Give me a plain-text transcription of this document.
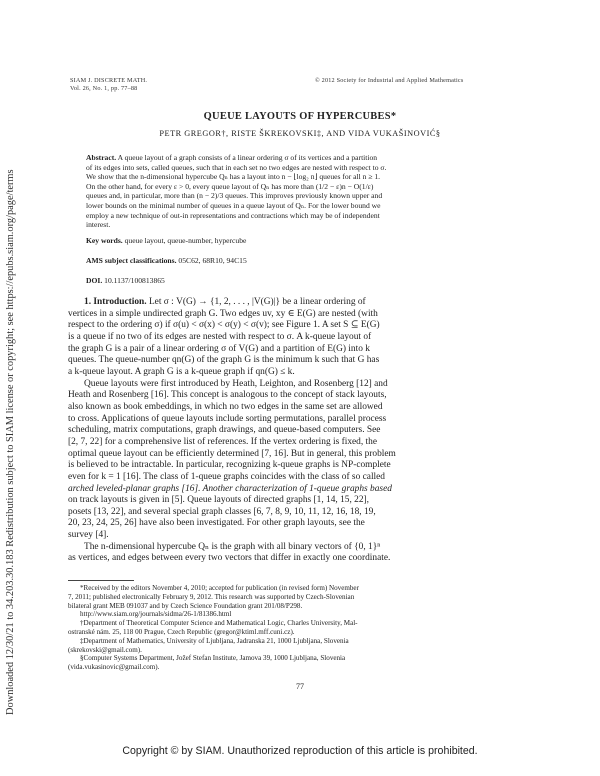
Downloaded 12/30/21 to 34.203.30.183 Redistribution subject to SIAM license or copyright; see https://epubs.siam.org/page/terms
SIAM J. DISCRETE MATH.
Vol. 26, No. 1, pp. 77–88
© 2012 Society for Industrial and Applied Mathematics
QUEUE LAYOUTS OF HYPERCUBES*
PETR GREGOR†, RISTE ŠKREKOVSKI‡, AND VIDA VUKAŠINOVIĆ§
Abstract. A queue layout of a graph consists of a linear ordering σ of its vertices and a partition
of its edges into sets, called queues, such that in each set no two edges are nested with respect to σ.
We show that the n-dimensional hypercube Qₙ has a layout into n − ⌊log₂ n⌋ queues for all n ≥ 1.
On the other hand, for every ε > 0, every queue layout of Qₙ has more than (1/2 − ε)n − O(1/ε)
queues and, in particular, more than (n − 2)/3 queues. This improves previously known upper and
lower bounds on the minimal number of queues in a queue layout of Qₙ. For the lower bound we
employ a new technique of out-in representations and contractions which may be of independent
interest.
Key words. queue layout, queue-number, hypercube
AMS subject classifications. 05C62, 68R10, 94C15
DOI. 10.1137/100813865
1. Introduction. Let σ : V(G) → {1, 2, . . . , |V(G)|} be a linear ordering of
vertices in a simple undirected graph G. Two edges uv, xy ∈ E(G) are nested (with
respect to the ordering σ) if σ(u) < σ(x) < σ(y) < σ(v); see Figure 1. A set S ⊆ E(G)
is a queue if no two of its edges are nested with respect to σ. A k-queue layout of
the graph G is a pair of a linear ordering σ of V(G) and a partition of E(G) into k
queues. The queue-number qn(G) of the graph G is the minimum k such that G has
a k-queue layout. A graph G is a k-queue graph if qn(G) ≤ k.
Queue layouts were first introduced by Heath, Leighton, and Rosenberg [12] and
Heath and Rosenberg [16]. This concept is analogous to the concept of stack layouts,
also known as book embeddings, in which no two edges in the same set are allowed
to cross. Applications of queue layouts include sorting permutations, parallel process
scheduling, matrix computations, graph drawings, and queue-based computers. See
[2, 7, 22] for a comprehensive list of references. If the vertex ordering is fixed, the
optimal queue layout can be efficiently determined [7, 16]. But in general, this problem
is believed to be intractable. In particular, recognizing k-queue graphs is NP-complete
even for k = 1 [16]. The class of 1-queue graphs coincides with the class of so called
arched leveled-planar graphs [16]. Another characterization of 1-queue graphs based
on track layouts is given in [5]. Queue layouts of directed graphs [1, 14, 15, 22],
posets [13, 22], and several special graph classes [6, 7, 8, 9, 10, 11, 12, 16, 18, 19,
20, 23, 24, 25, 26] have also been investigated. For other graph layouts, see the
survey [4].
The n-dimensional hypercube Qₙ is the graph with all binary vectors of {0, 1}ⁿ
as vertices, and edges between every two vectors that differ in exactly one coordinate.
*Received by the editors November 4, 2010; accepted for publication (in revised form) November
7, 2011; published electronically February 9, 2012. This research was supported by Czech-Slovenian
bilateral grant MEB 091037 and by Czech Science Foundation grant 201/08/P298.
http://www.siam.org/journals/sidma/26-1/81386.html
†Department of Theoretical Computer Science and Mathematical Logic, Charles University, Mal-
ostranské nám. 25, 118 00 Prague, Czech Republic (gregor@ktiml.mff.cuni.cz).
‡Department of Mathematics, University of Ljubljana, Jadranska 21, 1000 Ljubljana, Slovenia
(skrekovski@gmail.com).
§Computer Systems Department, Jožef Stefan Institute, Jamova 39, 1000 Ljubljana, Slovenia
(vida.vukasinovic@gmail.com).
77
Copyright © by SIAM. Unauthorized reproduction of this article is prohibited.
